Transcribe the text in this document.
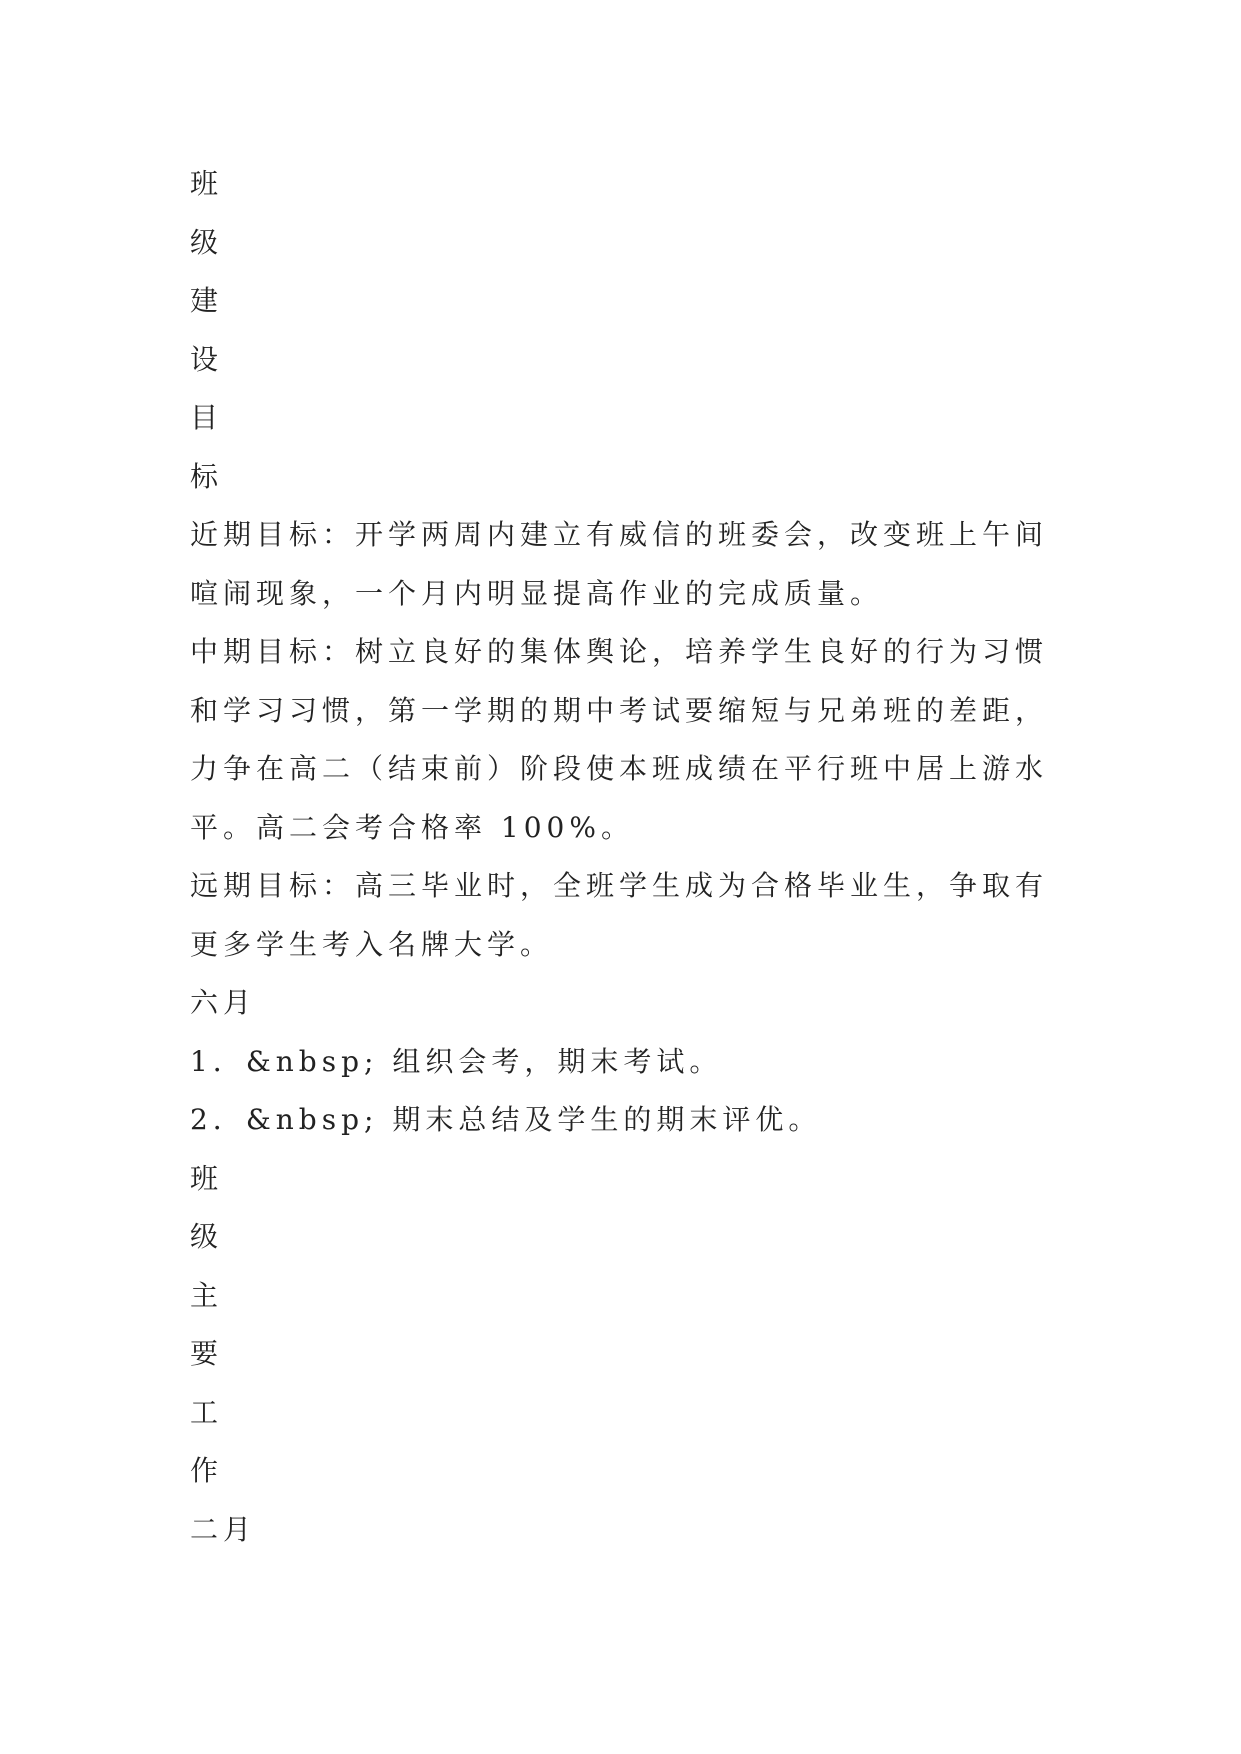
班
级
建
设
目
标
近期目标：开学两周内建立有威信的班委会，改变班上午间
喧闹现象，一个月内明显提高作业的完成质量。
中期目标：树立良好的集体舆论，培养学生良好的行为习惯
和学习习惯，第一学期的期中考试要缩短与兄弟班的差距，
力争在高二（结束前）阶段使本班成绩在平行班中居上游水
平。高二会考合格率 100%。
远期目标：高三毕业时，全班学生成为合格毕业生，争取有
更多学生考入名牌大学。
六月
1．&nbsp; 组织会考，期末考试。
2．&nbsp; 期末总结及学生的期末评优。
班
级
主
要
工
作
二月
